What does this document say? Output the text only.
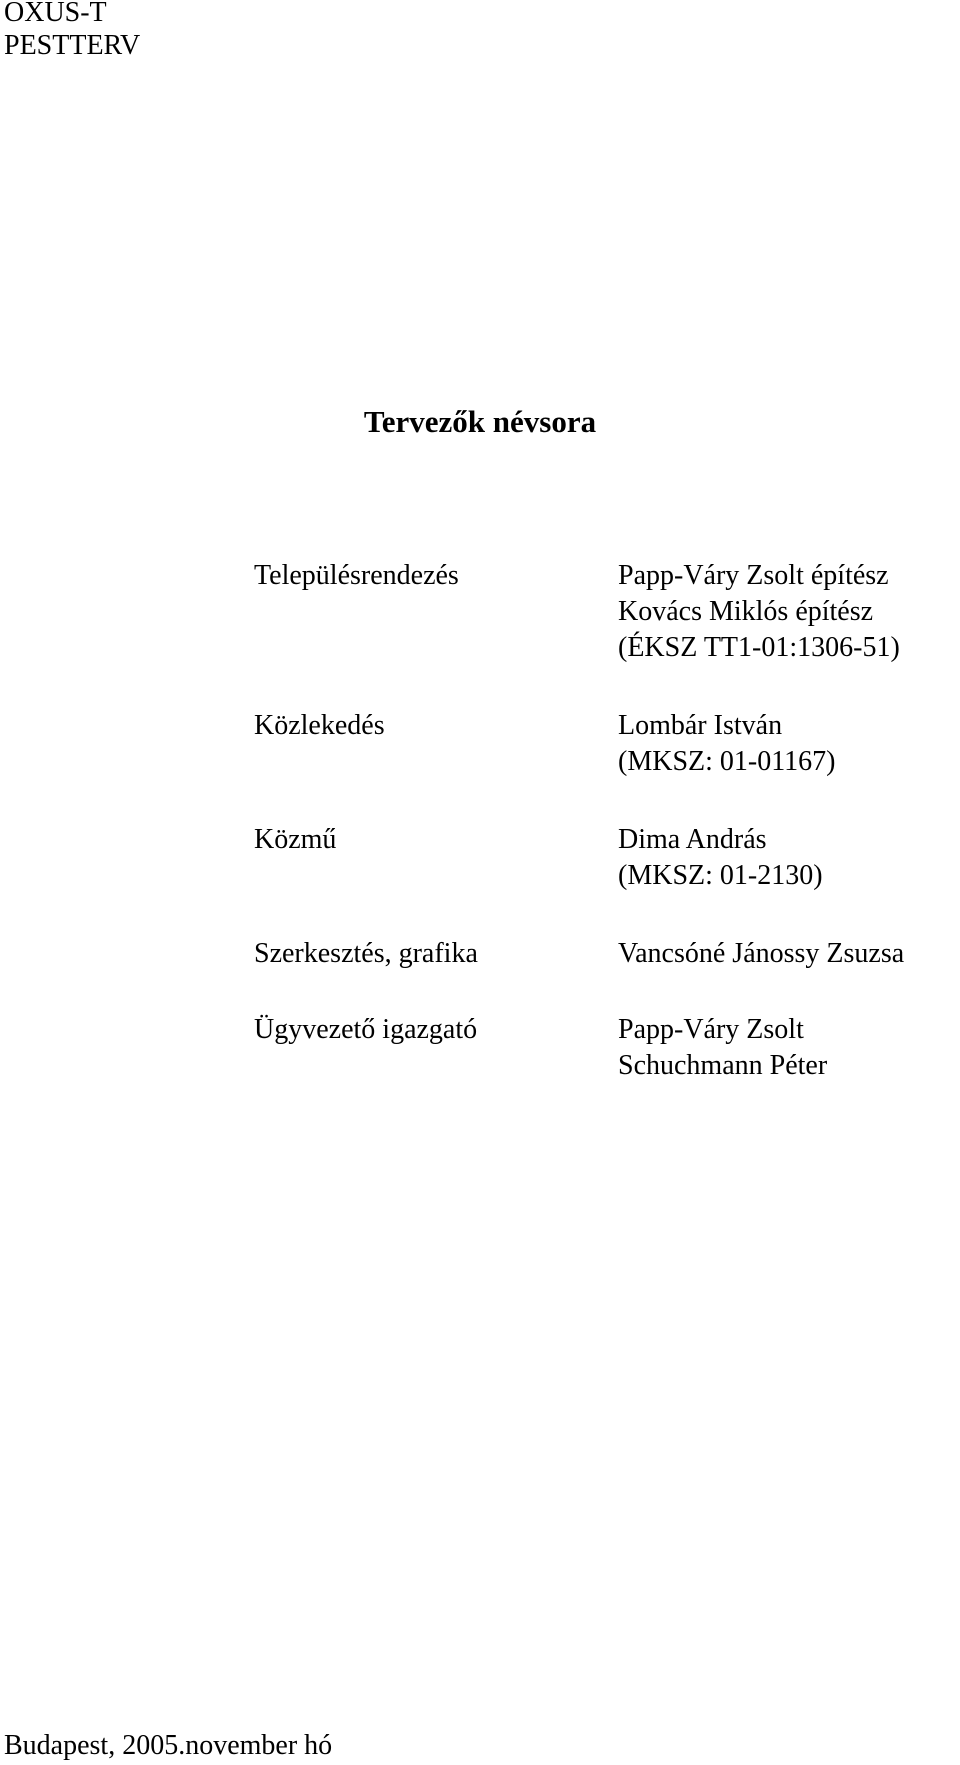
OXUS-T
PESTTERV
Tervezők névsora
Településrendezés	Papp-Váry Zsolt építész
Kovács Miklós építész
(ÉKSZ TT1-01:1306-51)
Közlekedés	Lombár István
(MKSZ: 01-01167)
Közmű	Dima András
(MKSZ: 01-2130)
Szerkesztés, grafika	Vancsóné Jánossy Zsuzsa
Ügyvezető igazgató	Papp-Váry Zsolt
Schuchmann Péter
Budapest, 2005.november hó
